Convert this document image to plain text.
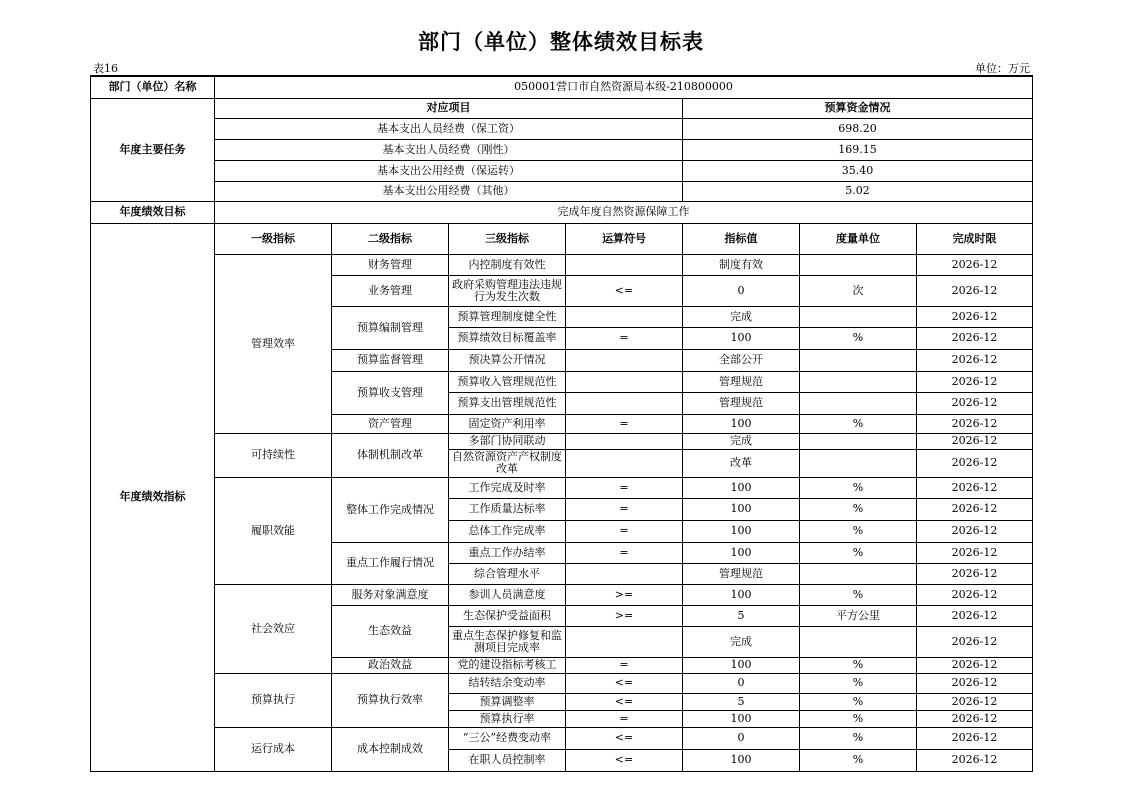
部门（单位）整体绩效目标表
表16	单位：万元
部门（单位）名称	050001营口市自然资源局本级-210800000						
年度主要任务	对应项目				预算资金情况		
	基本支出人员经费（保工资）				698.20		
	基本支出人员经费（刚性）				169.15		
	基本支出公用经费（保运转）				35.40		
	基本支出公用经费（其他）				5.02		
年度绩效目标	完成年度自然资源保障工作						
年度绩效指标	一级指标	二级指标	三级指标	运算符号	指标值	度量单位	完成时限
	管理效率	财务管理	内控制度有效性		制度有效		2026-12
		业务管理	政府采购管理违法违规行为发生次数	<=	0	次	2026-12
		预算编制管理	预算管理制度健全性		完成		2026-12
			预算绩效目标覆盖率	=	100	%	2026-12
		预算监督管理	预决算公开情况		全部公开		2026-12
		预算收支管理	预算收入管理规范性		管理规范		2026-12
			预算支出管理规范性		管理规范		2026-12
		资产管理	固定资产利用率	=	100	%	2026-12
	可持续性	体制机制改革	多部门协同联动		完成		2026-12
			自然资源资产产权制度改革		改革		2026-12
	履职效能	整体工作完成情况	工作完成及时率	=	100	%	2026-12
			工作质量达标率	=	100	%	2026-12
			总体工作完成率	=	100	%	2026-12
		重点工作履行情况	重点工作办结率	=	100	%	2026-12
			综合管理水平		管理规范		2026-12
	社会效应	服务对象满意度	参训人员满意度	>=	100	%	2026-12
		生态效益	生态保护受益面积	>=	5	平方公里	2026-12
			重点生态保护修复和监测项目完成率		完成		2026-12
		政治效益	党的建设指标考核工	=	100	%	2026-12
	预算执行	预算执行效率	结转结余变动率	<=	0	%	2026-12
			预算调整率	<=	5	%	2026-12
			预算执行率	=	100	%	2026-12
	运行成本	成本控制成效	“三公”经费变动率	<=	0	%	2026-12
			在职人员控制率	<=	100	%	2026-12
